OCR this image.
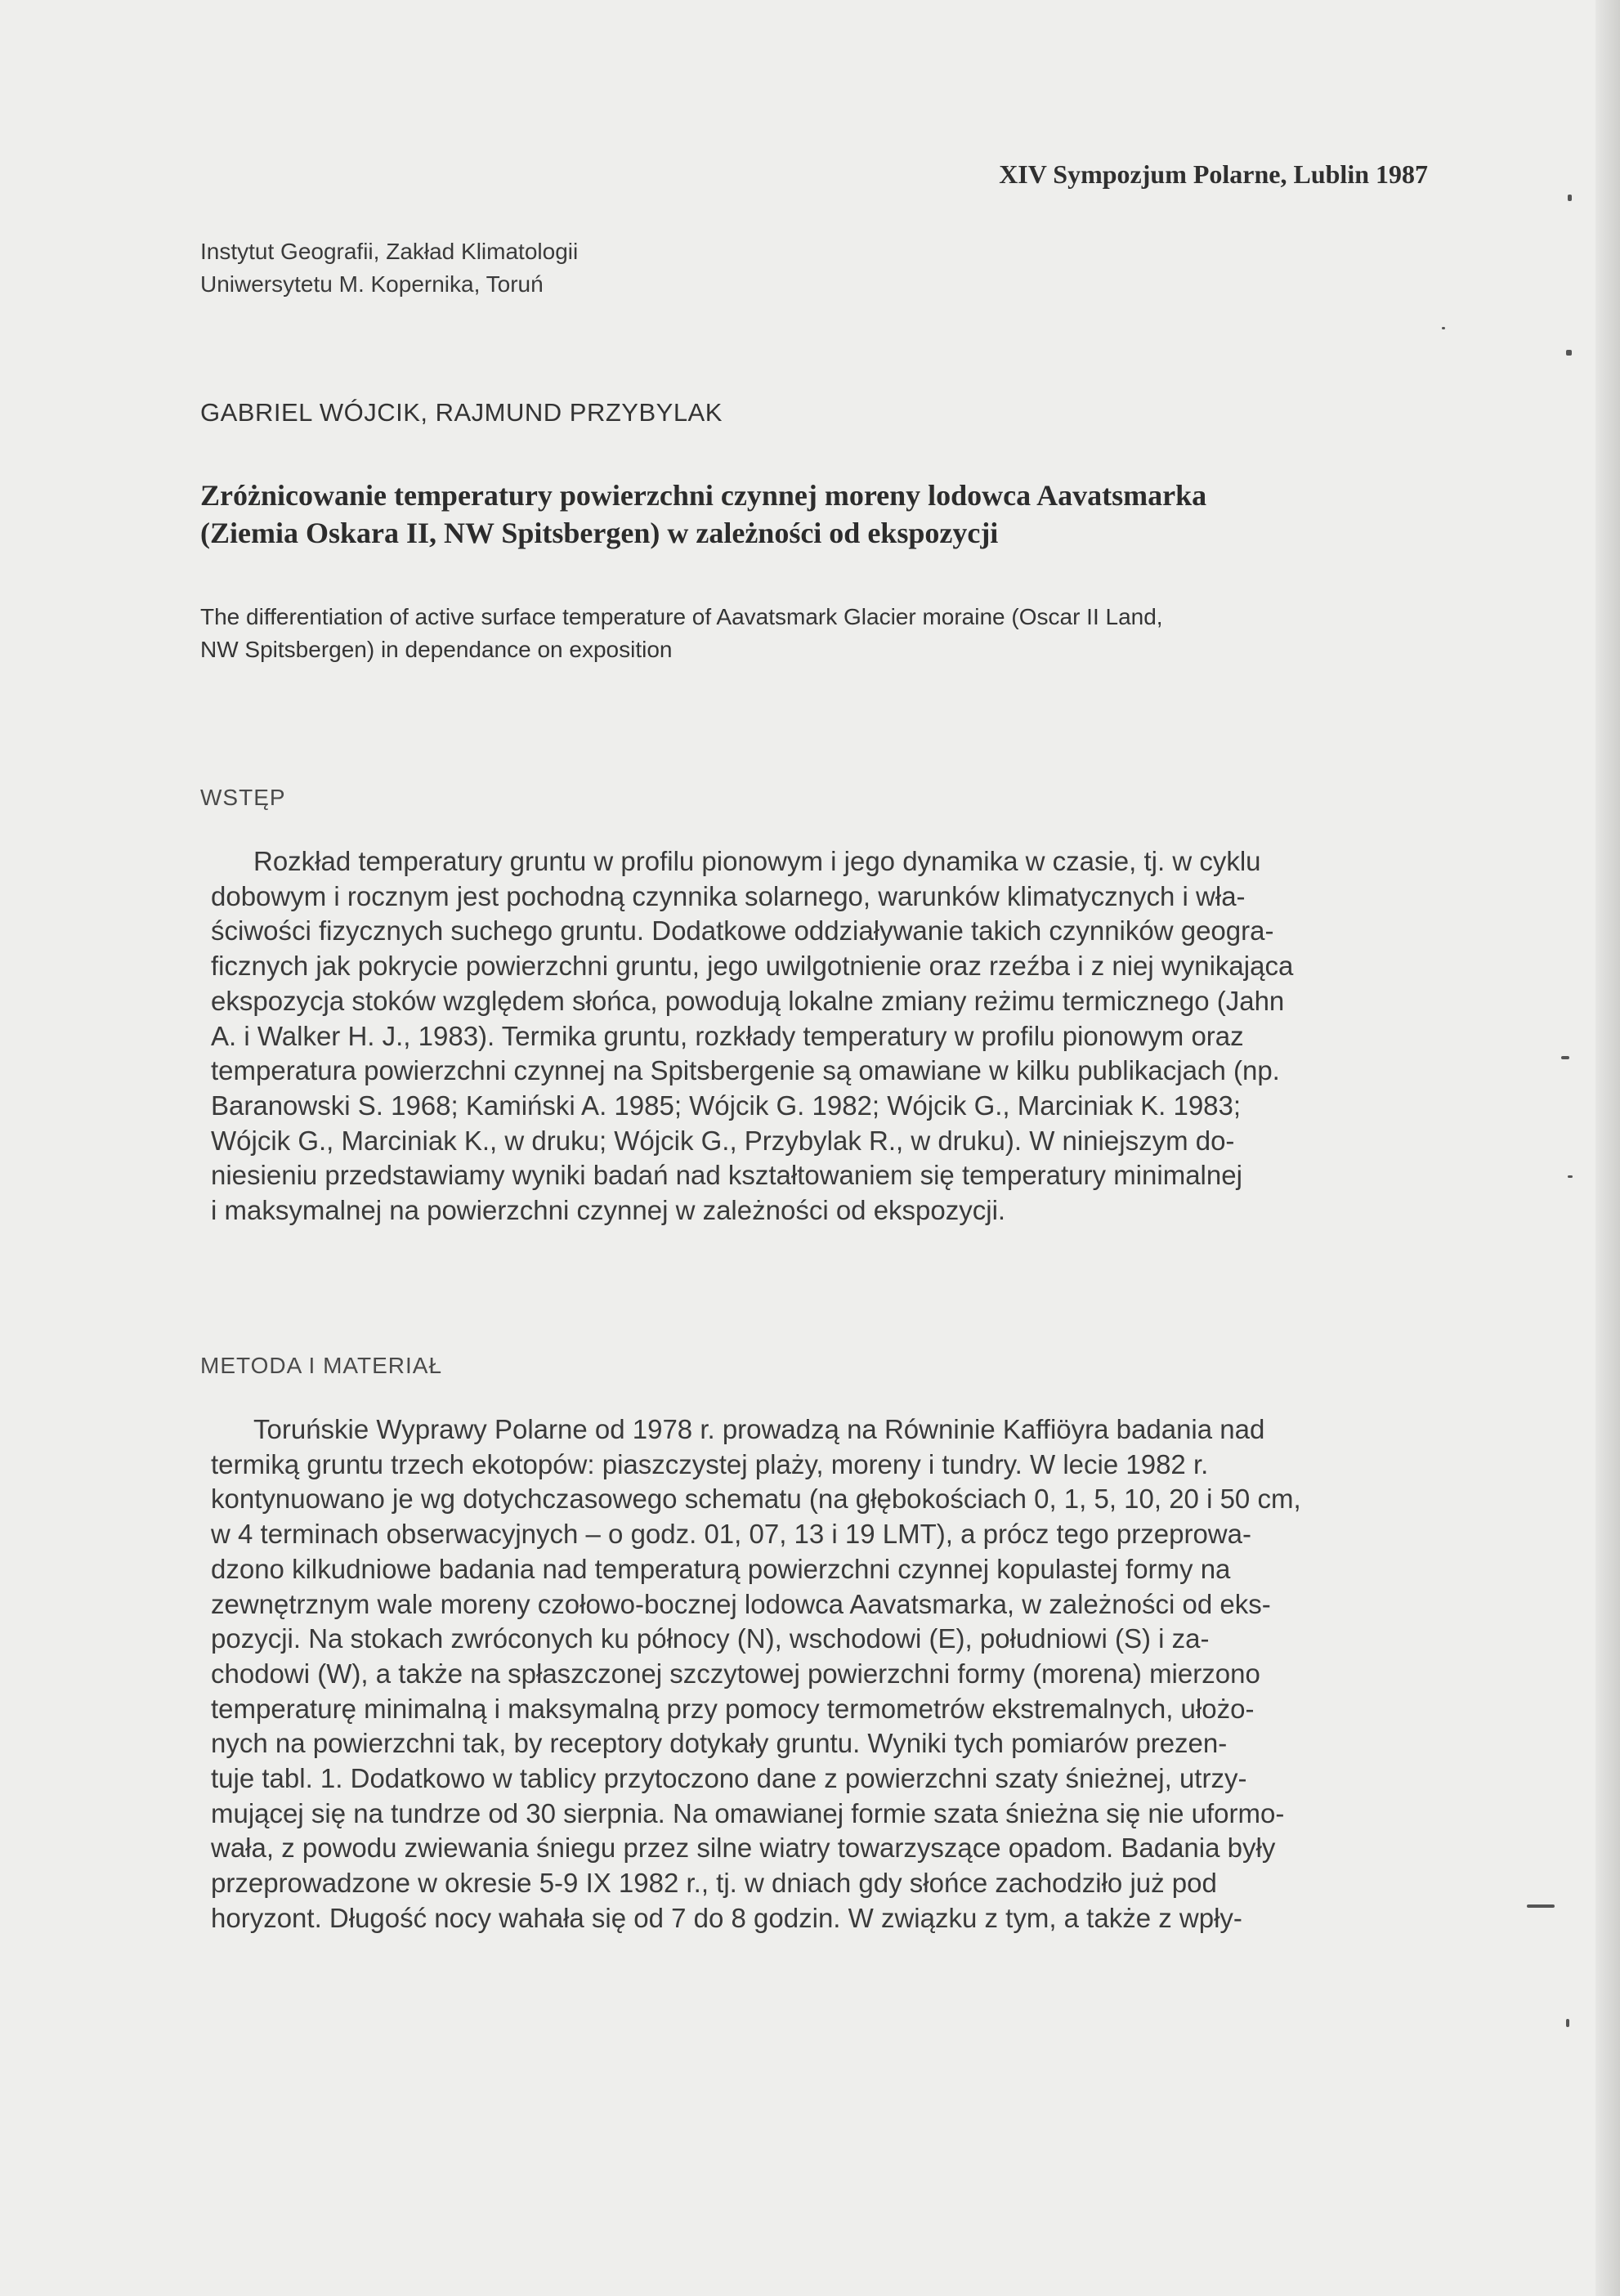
XIV Sympozjum Polarne, Lublin 1987
Instytut Geografii, Zakład Klimatologii
Uniwersytetu M. Kopernika, Toruń
GABRIEL WÓJCIK, RAJMUND PRZYBYLAK
Zróżnicowanie temperatury powierzchni czynnej moreny lodowca Aavatsmarka
(Ziemia Oskara II, NW Spitsbergen) w zależności od ekspozycji
The differentiation of active surface temperature of Aavatsmark Glacier moraine (Oscar II Land,
NW Spitsbergen) in dependance on exposition
WSTĘP
Rozkład temperatury gruntu w profilu pionowym i jego dynamika w czasie, tj. w cyklu
dobowym i rocznym jest pochodną czynnika solarnego, warunków klimatycznych i wła-
ściwości fizycznych suchego gruntu. Dodatkowe oddziaływanie takich czynników geogra-
ficznych jak pokrycie powierzchni gruntu, jego uwilgotnienie oraz rzeźba i z niej wynikająca
ekspozycja stoków względem słońca, powodują lokalne zmiany reżimu termicznego (Jahn
A. i Walker H. J., 1983). Termika gruntu, rozkłady temperatury w profilu pionowym oraz
temperatura powierzchni czynnej na Spitsbergenie są omawiane w kilku publikacjach (np.
Baranowski S. 1968; Kamiński A. 1985; Wójcik G. 1982; Wójcik G., Marciniak K. 1983;
Wójcik G., Marciniak K., w druku; Wójcik G., Przybylak R., w druku). W niniejszym do-
niesieniu przedstawiamy wyniki badań nad kształtowaniem się temperatury minimalnej
i maksymalnej na powierzchni czynnej w zależności od ekspozycji.
METODA I MATERIAŁ
Toruńskie Wyprawy Polarne od 1978 r. prowadzą na Równinie Kaffiöyra badania nad
termiką gruntu trzech ekotopów: piaszczystej plaży, moreny i tundry. W lecie 1982 r.
kontynuowano je wg dotychczasowego schematu (na głębokościach 0, 1, 5, 10, 20 i 50 cm,
w 4 terminach obserwacyjnych – o godz. 01, 07, 13 i 19 LMT), a prócz tego przeprowa-
dzono kilkudniowe badania nad temperaturą powierzchni czynnej kopulastej formy na
zewnętrznym wale moreny czołowo-bocznej lodowca Aavatsmarka, w zależności od eks-
pozycji. Na stokach zwróconych ku północy (N), wschodowi (E), południowi (S) i za-
chodowi (W), a także na spłaszczonej szczytowej powierzchni formy (morena) mierzono
temperaturę minimalną i maksymalną przy pomocy termometrów ekstremalnych, ułożo-
nych na powierzchni tak, by receptory dotykały gruntu. Wyniki tych pomiarów prezen-
tuje tabl. 1. Dodatkowo w tablicy przytoczono dane z powierzchni szaty śnieżnej, utrzy-
mującej się na tundrze od 30 sierpnia. Na omawianej formie szata śnieżna się nie uformo-
wała, z powodu zwiewania śniegu przez silne wiatry towarzyszące opadom. Badania były
przeprowadzone w okresie 5-9 IX 1982 r., tj. w dniach gdy słońce zachodziło już pod
horyzont. Długość nocy wahała się od 7 do 8 godzin. W związku z tym, a także z wpły-
